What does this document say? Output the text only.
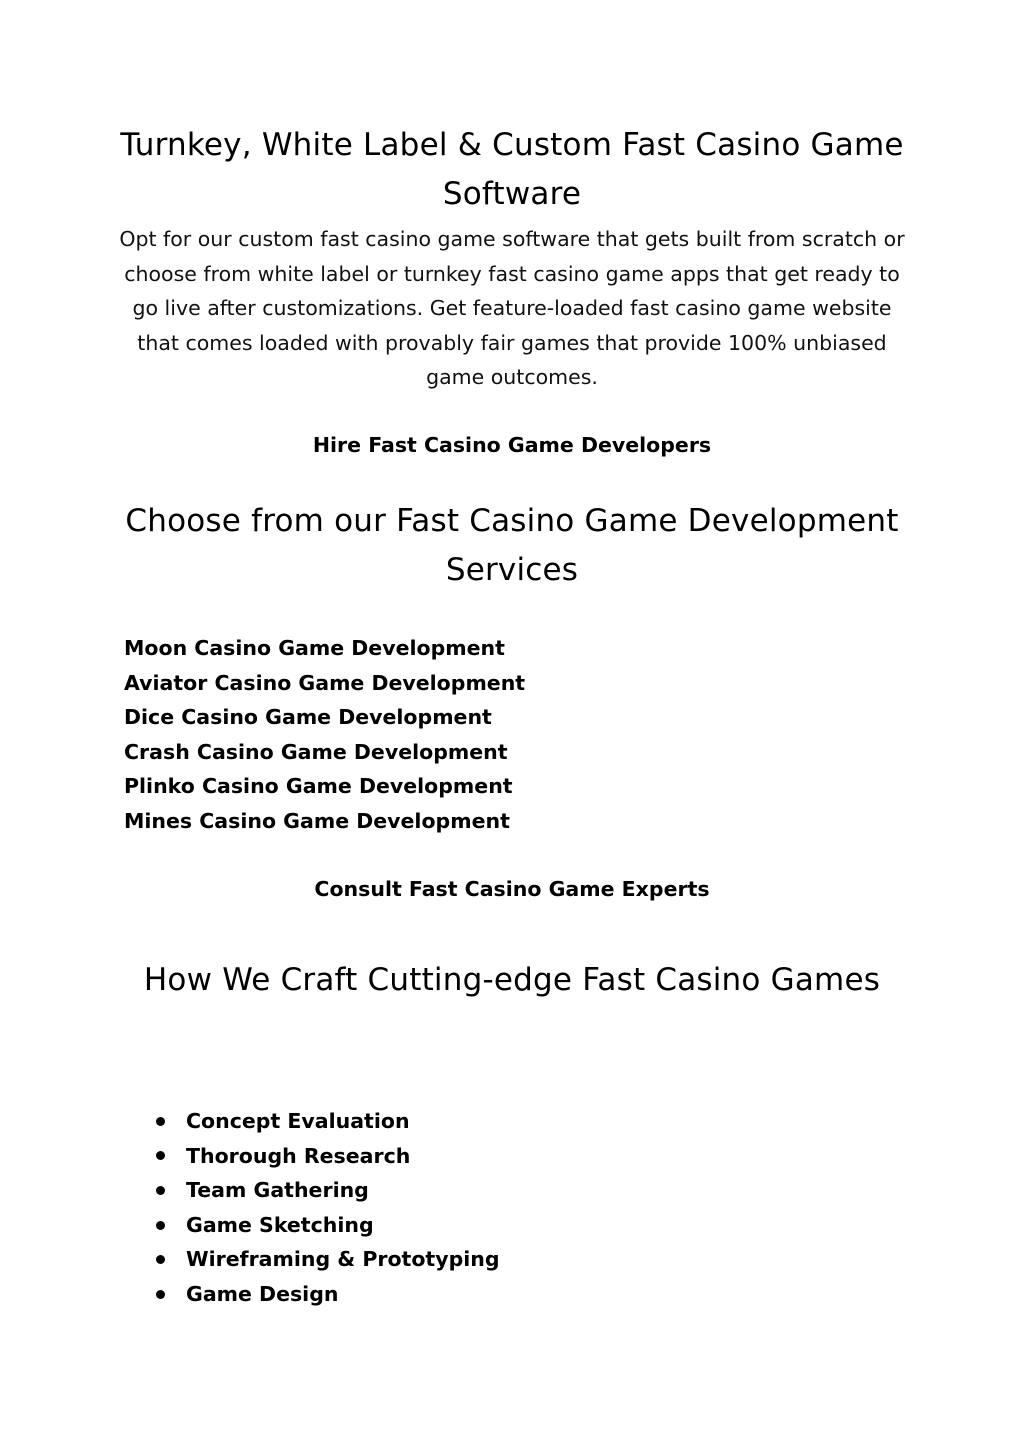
Turnkey, White Label & Custom Fast Casino Game Software

Opt for our custom fast casino game software that gets built from scratch or choose from white label or turnkey fast casino game apps that get ready to go live after customizations. Get feature-loaded fast casino game website that comes loaded with provably fair games that provide 100% unbiased game outcomes.

Hire Fast Casino Game Developers

Choose from our Fast Casino Game Development Services
Moon Casino Game Development
Aviator Casino Game Development
Dice Casino Game Development
Crash Casino Game Development
Plinko Casino Game Development
Mines Casino Game Development

Consult Fast Casino Game Experts

How We Craft Cutting-edge Fast Casino Games
Concept Evaluation
Thorough Research
Team Gathering
Game Sketching
Wireframing & Prototyping
Game Design
